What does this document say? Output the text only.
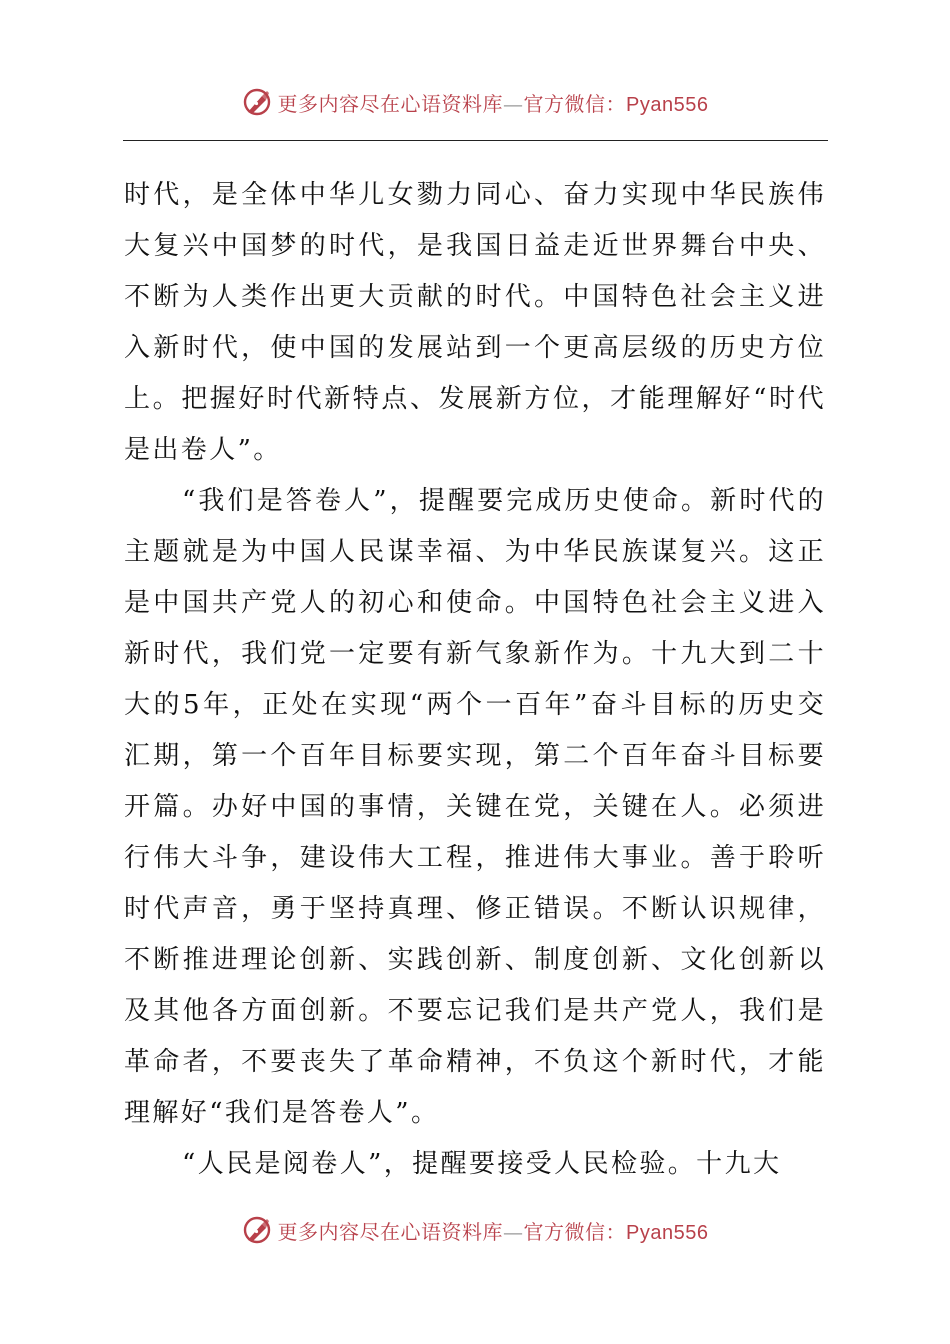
更多内容尽在心语资料库—官方微信：Pyan556

时代，是全体中华儿女勠力同心、奋力实现中华民族伟大复兴中国梦的时代，是我国日益走近世界舞台中央、不断为人类作出更大贡献的时代。中国特色社会主义进入新时代，使中国的发展站到一个更高层级的历史方位上。把握好时代新特点、发展新方位，才能理解好“时代是出卷人”。

“我们是答卷人”，提醒要完成历史使命。新时代的主题就是为中国人民谋幸福、为中华民族谋复兴。这正是中国共产党人的初心和使命。中国特色社会主义进入新时代，我们党一定要有新气象新作为。十九大到二十大的5年，正处在实现“两个一百年”奋斗目标的历史交汇期，第一个百年目标要实现，第二个百年奋斗目标要开篇。办好中国的事情，关键在党，关键在人。必须进行伟大斗争，建设伟大工程，推进伟大事业。善于聆听时代声音，勇于坚持真理、修正错误。不断认识规律，不断推进理论创新、实践创新、制度创新、文化创新以及其他各方面创新。不要忘记我们是共产党人，我们是革命者，不要丧失了革命精神，不负这个新时代，才能理解好“我们是答卷人”。

“人民是阅卷人”，提醒要接受人民检验。十九大

更多内容尽在心语资料库—官方微信：Pyan556
